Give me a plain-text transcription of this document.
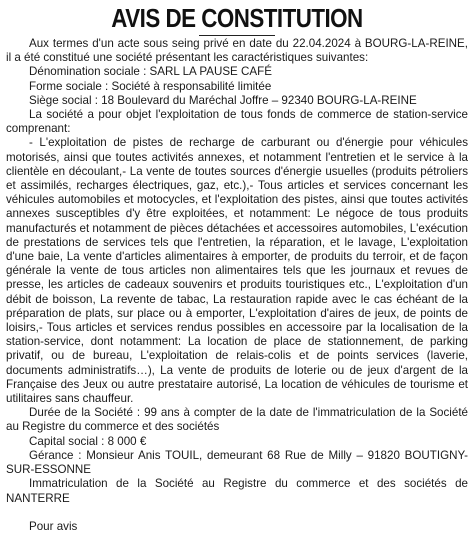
AVIS DE CONSTITUTION

Aux termes d'un acte sous seing privé en date du 22.04.2024 à BOURG-LA-REINE, il a été constitué une société présentant les caractéristiques suivantes:

Dénomination sociale : SARL LA PAUSE CAFÉ

Forme sociale : Société à responsabilité limitée

Siège social : 18 Boulevard du Maréchal Joffre – 92340 BOURG-LA-REINE

La société a pour objet l'exploitation de tous fonds de commerce de station-service comprenant:

- L'exploitation de pistes de recharge de carburant ou d'énergie pour véhicules motorisés, ainsi que toutes activités annexes, et notamment l'entretien et le service à la clientèle en découlant,- La vente de toutes sources d'énergie usuelles (produits pétroliers et assimilés, recharges électriques, gaz, etc.),- Tous articles et services concernant les véhicules automobiles et motocycles, et l'exploitation des pistes, ainsi que toutes activités annexes susceptibles d'y être exploitées, et notamment: Le négoce de tous produits manufacturés et notamment de pièces détachées et accessoires automobiles, L'exécution de prestations de services tels que l'entretien, la réparation, et le lavage, L'exploitation d'une baie, La vente d'articles alimentaires à emporter, de produits du terroir, et de façon générale la vente de tous articles non alimentaires tels que les journaux et revues de presse, les articles de cadeaux souvenirs et produits touristiques etc., L'exploitation d'un débit de boisson, La revente de tabac, La restauration rapide avec le cas échéant de la préparation de plats, sur place ou à emporter, L'exploitation d'aires de jeux, de points de loisirs,- Tous articles et services rendus possibles en accessoire par la localisation de la station-service, dont notamment: La location de place de stationnement, de parking privatif, ou de bureau, L'exploitation de relais-colis et de points services (laverie, documents administratifs…), La vente de produits de loterie ou de jeux d'argent de la Française des Jeux ou autre prestataire autorisé, La location de véhicules de tourisme et utilitaires sans chauffeur.

Durée de la Société : 99 ans à compter de la date de l'immatriculation de la Société au Registre du commerce et des sociétés

Capital social : 8 000 €

Gérance : Monsieur Anis TOUIL, demeurant 68 Rue de Milly – 91820 BOUTIGNY-SUR-ESSONNE

Immatriculation de la Société au Registre du commerce et des sociétés de NANTERRE

Pour avis
